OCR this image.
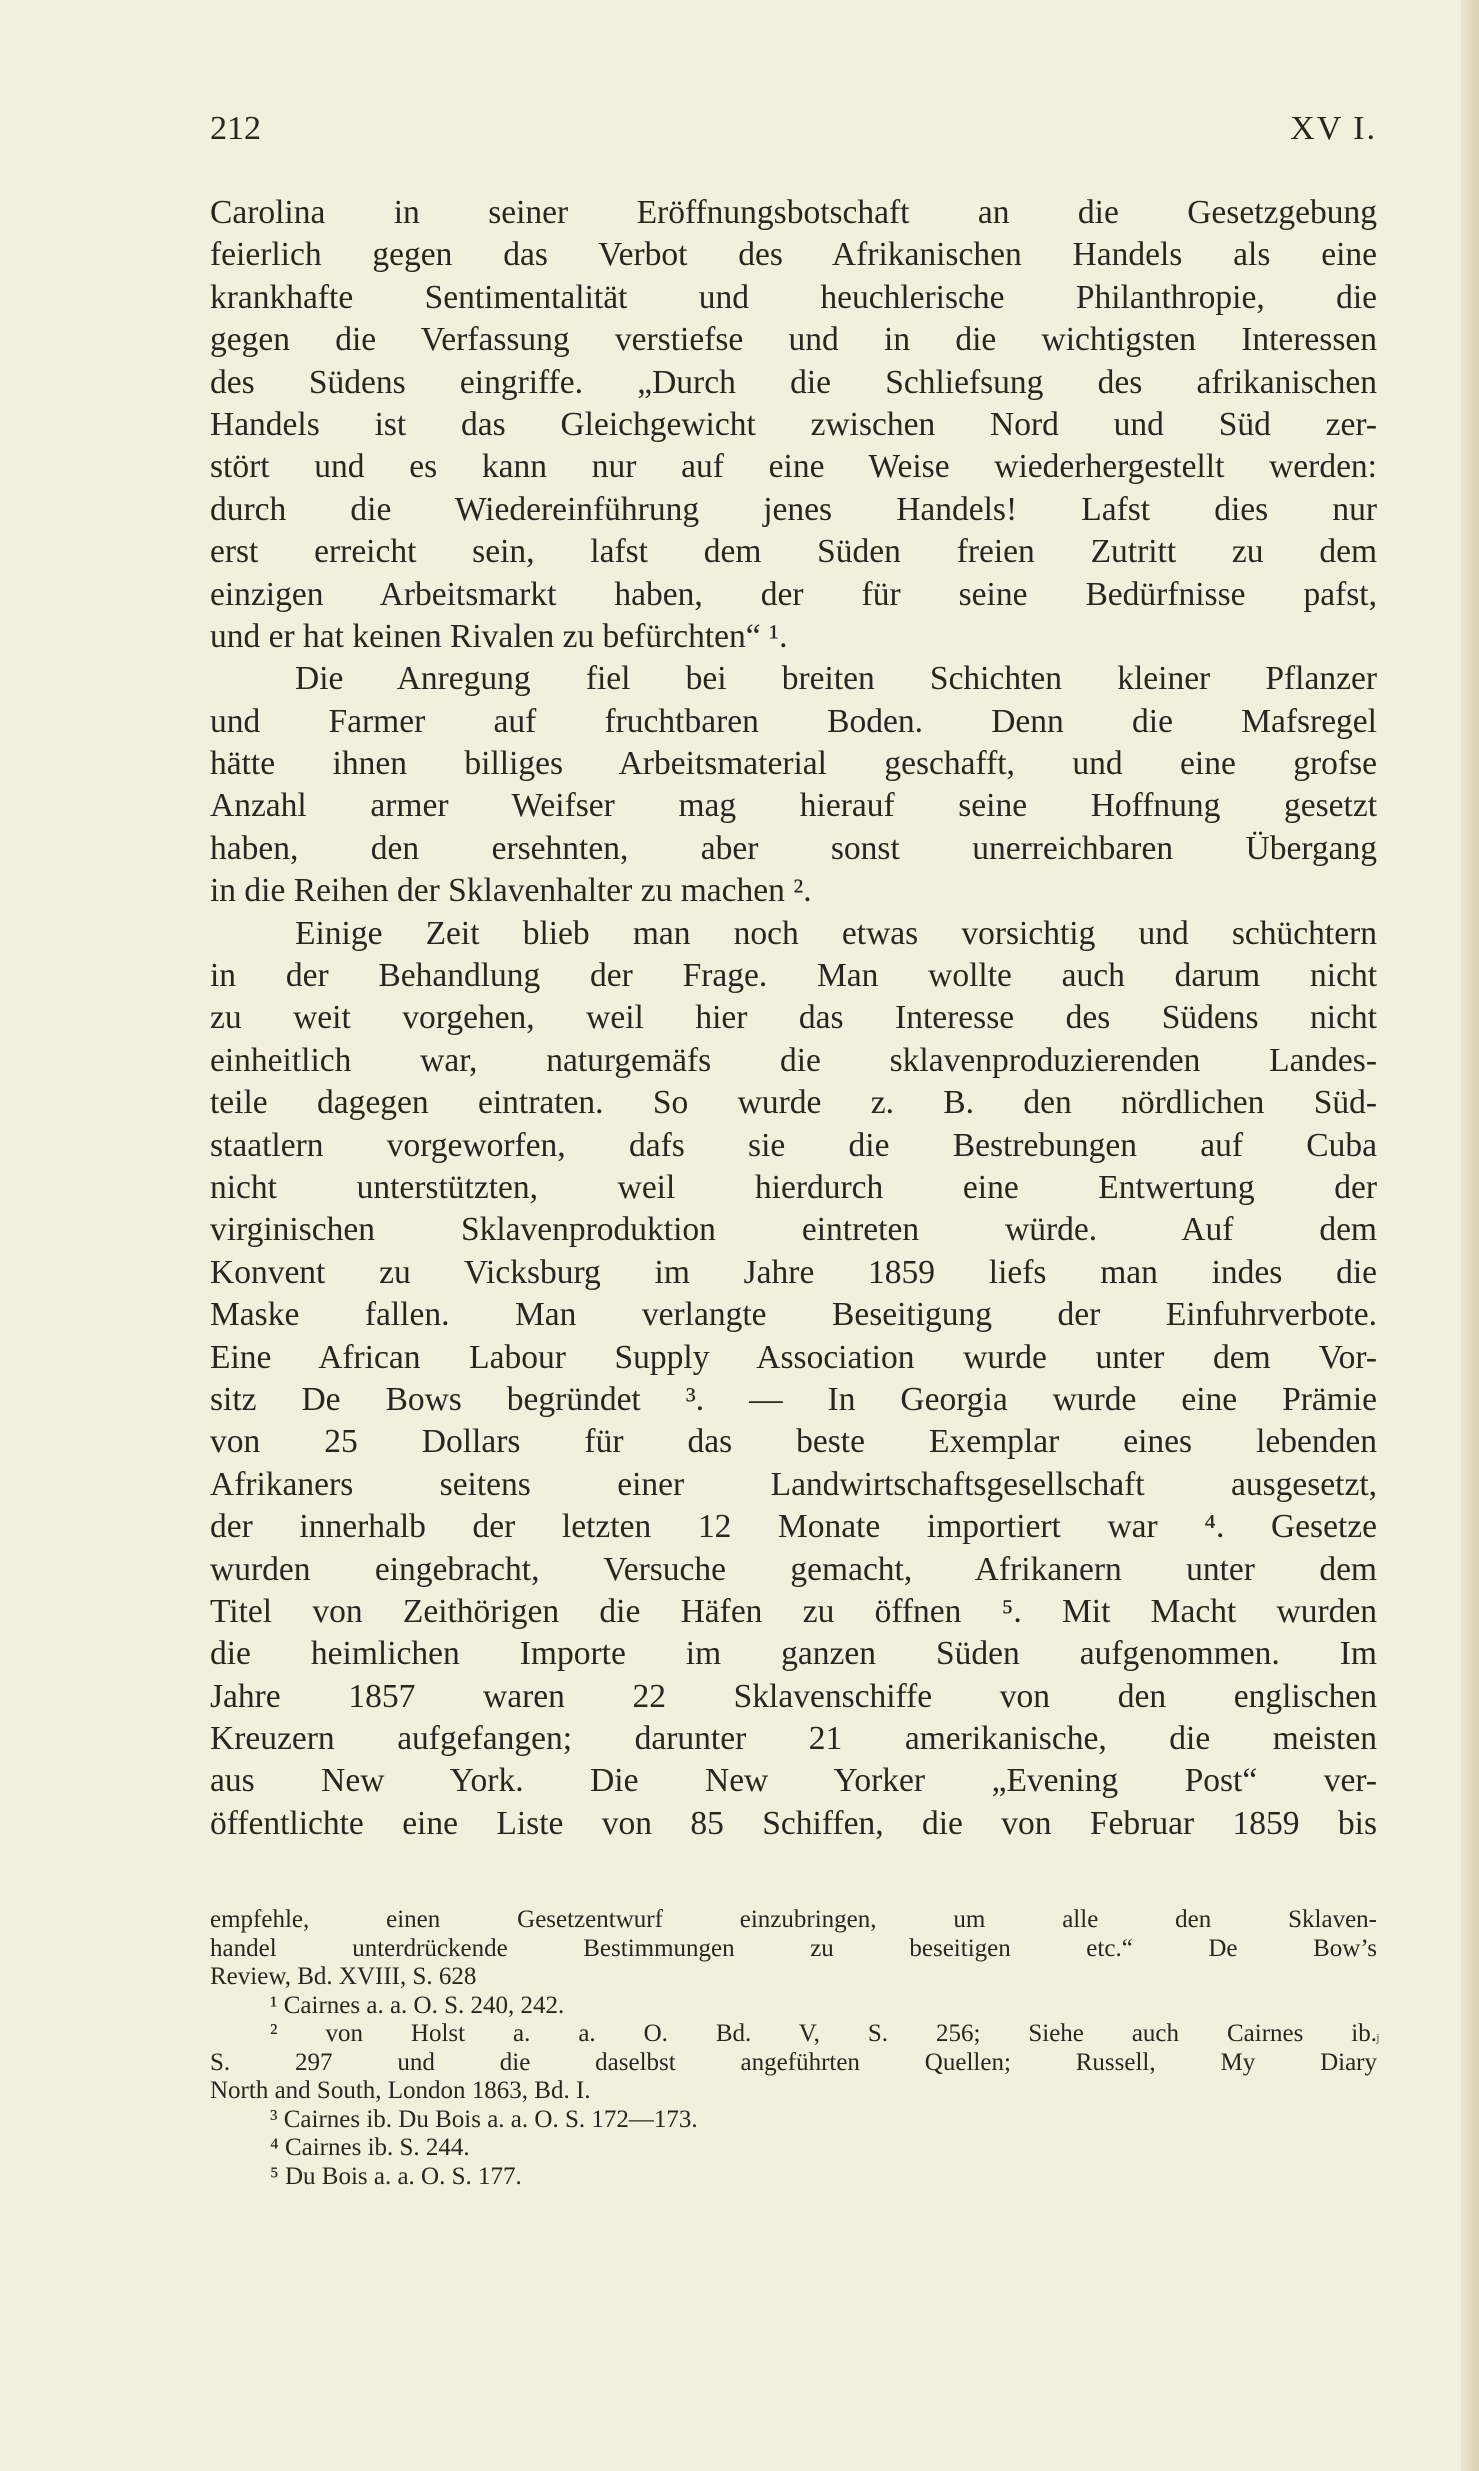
212	XV I.
Carolina in seiner Eröffnungsbotschaft an die Gesetzgebung
feierlich gegen das Verbot des Afrikanischen Handels als eine
krankhafte Sentimentalität und heuchlerische Philanthropie, die
gegen die Verfassung verstiefse und in die wichtigsten Interessen
des Südens eingriffe. „Durch die Schliefsung des afrikanischen
Handels ist das Gleichgewicht zwischen Nord und Süd zer-
stört und es kann nur auf eine Weise wiederhergestellt werden:
durch die Wiedereinführung jenes Handels! Lafst dies nur
erst erreicht sein, lafst dem Süden freien Zutritt zu dem
einzigen Arbeitsmarkt haben, der für seine Bedürfnisse pafst,
und er hat keinen Rivalen zu befürchten“ ¹.
Die Anregung fiel bei breiten Schichten kleiner Pflanzer
und Farmer auf fruchtbaren Boden. Denn die Mafsregel
hätte ihnen billiges Arbeitsmaterial geschafft, und eine grofse
Anzahl armer Weifser mag hierauf seine Hoffnung gesetzt
haben, den ersehnten, aber sonst unerreichbaren Übergang
in die Reihen der Sklavenhalter zu machen ².
Einige Zeit blieb man noch etwas vorsichtig und schüchtern
in der Behandlung der Frage. Man wollte auch darum nicht
zu weit vorgehen, weil hier das Interesse des Südens nicht
einheitlich war, naturgemäfs die sklavenproduzierenden Landes-
teile dagegen eintraten. So wurde z. B. den nördlichen Süd-
staatlern vorgeworfen, dafs sie die Bestrebungen auf Cuba
nicht unterstützten, weil hierdurch eine Entwertung der
virginischen Sklavenproduktion eintreten würde. Auf dem
Konvent zu Vicksburg im Jahre 1859 liefs man indes die
Maske fallen. Man verlangte Beseitigung der Einfuhrverbote.
Eine African Labour Supply Association wurde unter dem Vor-
sitz De Bows begründet ³. — In Georgia wurde eine Prämie
von 25 Dollars für das beste Exemplar eines lebenden
Afrikaners seitens einer Landwirtschaftsgesellschaft ausgesetzt,
der innerhalb der letzten 12 Monate importiert war ⁴. Gesetze
wurden eingebracht, Versuche gemacht, Afrikanern unter dem
Titel von Zeithörigen die Häfen zu öffnen ⁵. Mit Macht wurden
die heimlichen Importe im ganzen Süden aufgenommen. Im
Jahre 1857 waren 22 Sklavenschiffe von den englischen
Kreuzern aufgefangen; darunter 21 amerikanische, die meisten
aus New York. Die New Yorker „Evening Post“ ver-
öffentlichte eine Liste von 85 Schiffen, die von Februar 1859 bis
empfehle, einen Gesetzentwurf einzubringen, um alle den Sklaven-
handel unterdrückende Bestimmungen zu beseitigen etc.“ De Bow’s
Review, Bd. XVIII, S. 628
¹ Cairnes a. a. O. S. 240, 242.
² von Holst a. a. O. Bd. V, S. 256; Siehe auch Cairnes ib.
S. 297 und die daselbst angeführten Quellen; Russell, My Diary
North and South, London 1863, Bd. I.
³ Cairnes ib. Du Bois a. a. O. S. 172—173.
⁴ Cairnes ib. S. 244.
⁵ Du Bois a. a. O. S. 177.
ʲ
